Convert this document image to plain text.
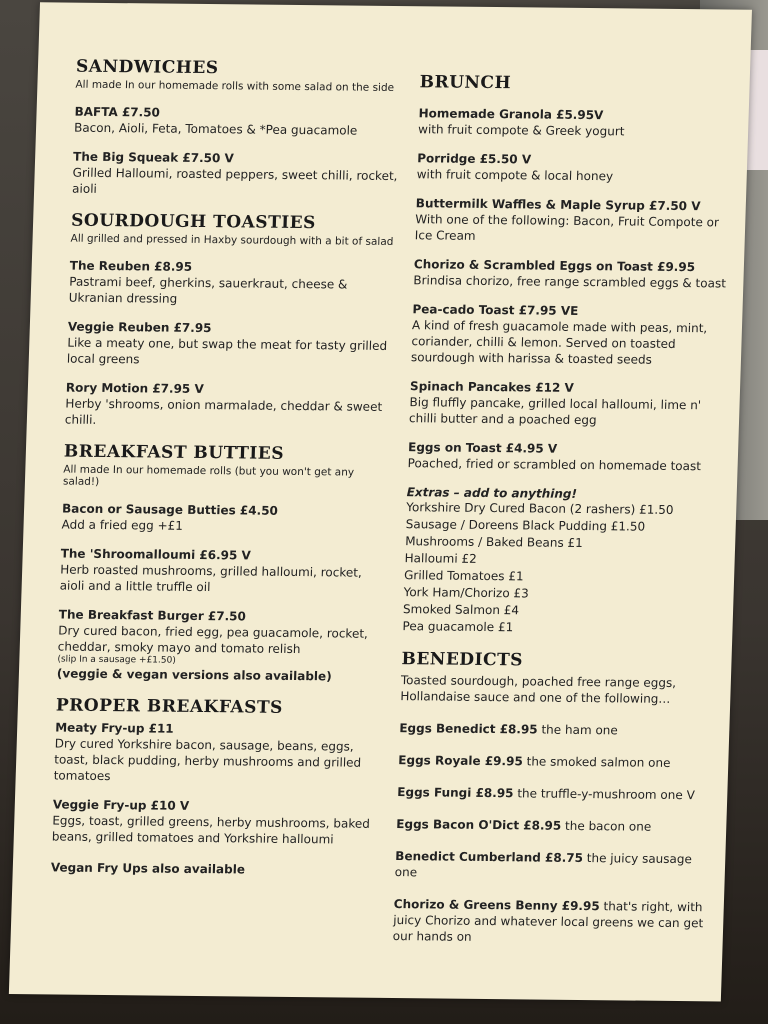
SANDWICHES

All made In our homemade rolls with some salad on the side

BAFTA £7.50
Bacon, Aioli, Feta, Tomatoes & *Pea guacamole
The Big Squeak £7.50 V
Grilled Halloumi, roasted peppers, sweet chilli, rocket, aioli
SOURDOUGH TOASTIES

All grilled and pressed in Haxby sourdough with a bit of salad

The Reuben £8.95
Pastrami beef, gherkins, sauerkraut, cheese & Ukranian dressing
Veggie Reuben £7.95
Like a meaty one, but swap the meat for tasty grilled local greens
Rory Motion £7.95 V
Herby 'shrooms, onion marmalade, cheddar & sweet chilli.
BREAKFAST BUTTIES

All made In our homemade rolls (but you won't get any salad!)

Bacon or Sausage Butties £4.50
Add a fried egg +£1
The 'Shroomalloumi £6.95 V
Herb roasted mushrooms, grilled halloumi, rocket, aioli and a little truffle oil
The Breakfast Burger £7.50
Dry cured bacon, fried egg, pea guacamole, rocket, cheddar, smoky mayo and tomato relish
(slip In a sausage +£1.50)
(veggie & vegan versions also available)
PROPER BREAKFASTS
Meaty Fry-up £11
Dry cured Yorkshire bacon, sausage, beans, eggs, toast, black pudding, herby mushrooms and grilled tomatoes
Veggie Fry-up £10 V
Eggs, toast, grilled greens, herby mushrooms, baked beans, grilled tomatoes and Yorkshire halloumi
Vegan Fry Ups also available
BRUNCH
Homemade Granola £5.95V
with fruit compote & Greek yogurt
Porridge £5.50 V
with fruit compote & local honey
Buttermilk Waffles & Maple Syrup £7.50 V
With one of the following: Bacon, Fruit Compote or Ice Cream
Chorizo & Scrambled Eggs on Toast £9.95
Brindisa chorizo, free range scrambled eggs & toast
Pea-cado Toast £7.95 VE
A kind of fresh guacamole made with peas, mint, coriander, chilli & lemon. Served on toasted sourdough with harissa & toasted seeds
Spinach Pancakes £12 V
Big fluffly pancake, grilled local halloumi, lime n' chilli butter and a poached egg
Eggs on Toast £4.95 V
Poached, fried or scrambled on homemade toast
Extras – add to anything!
Yorkshire Dry Cured Bacon (2 rashers) £1.50
Sausage / Doreens Black Pudding £1.50
Mushrooms / Baked Beans £1
Halloumi £2
Grilled Tomatoes £1
York Ham/Chorizo £3
Smoked Salmon £4
Pea guacamole £1
BENEDICTS
Toasted sourdough, poached free range eggs, Hollandaise sauce and one of the following…
Eggs Benedict £8.95 the ham one
Eggs Royale £9.95 the smoked salmon one
Eggs Fungi £8.95 the truffle-y-mushroom one V
Eggs Bacon O'Dict £8.95 the bacon one
Benedict Cumberland £8.75 the juicy sausage one
Chorizo & Greens Benny £9.95 that's right, with juicy Chorizo and whatever local greens we can get our hands on
